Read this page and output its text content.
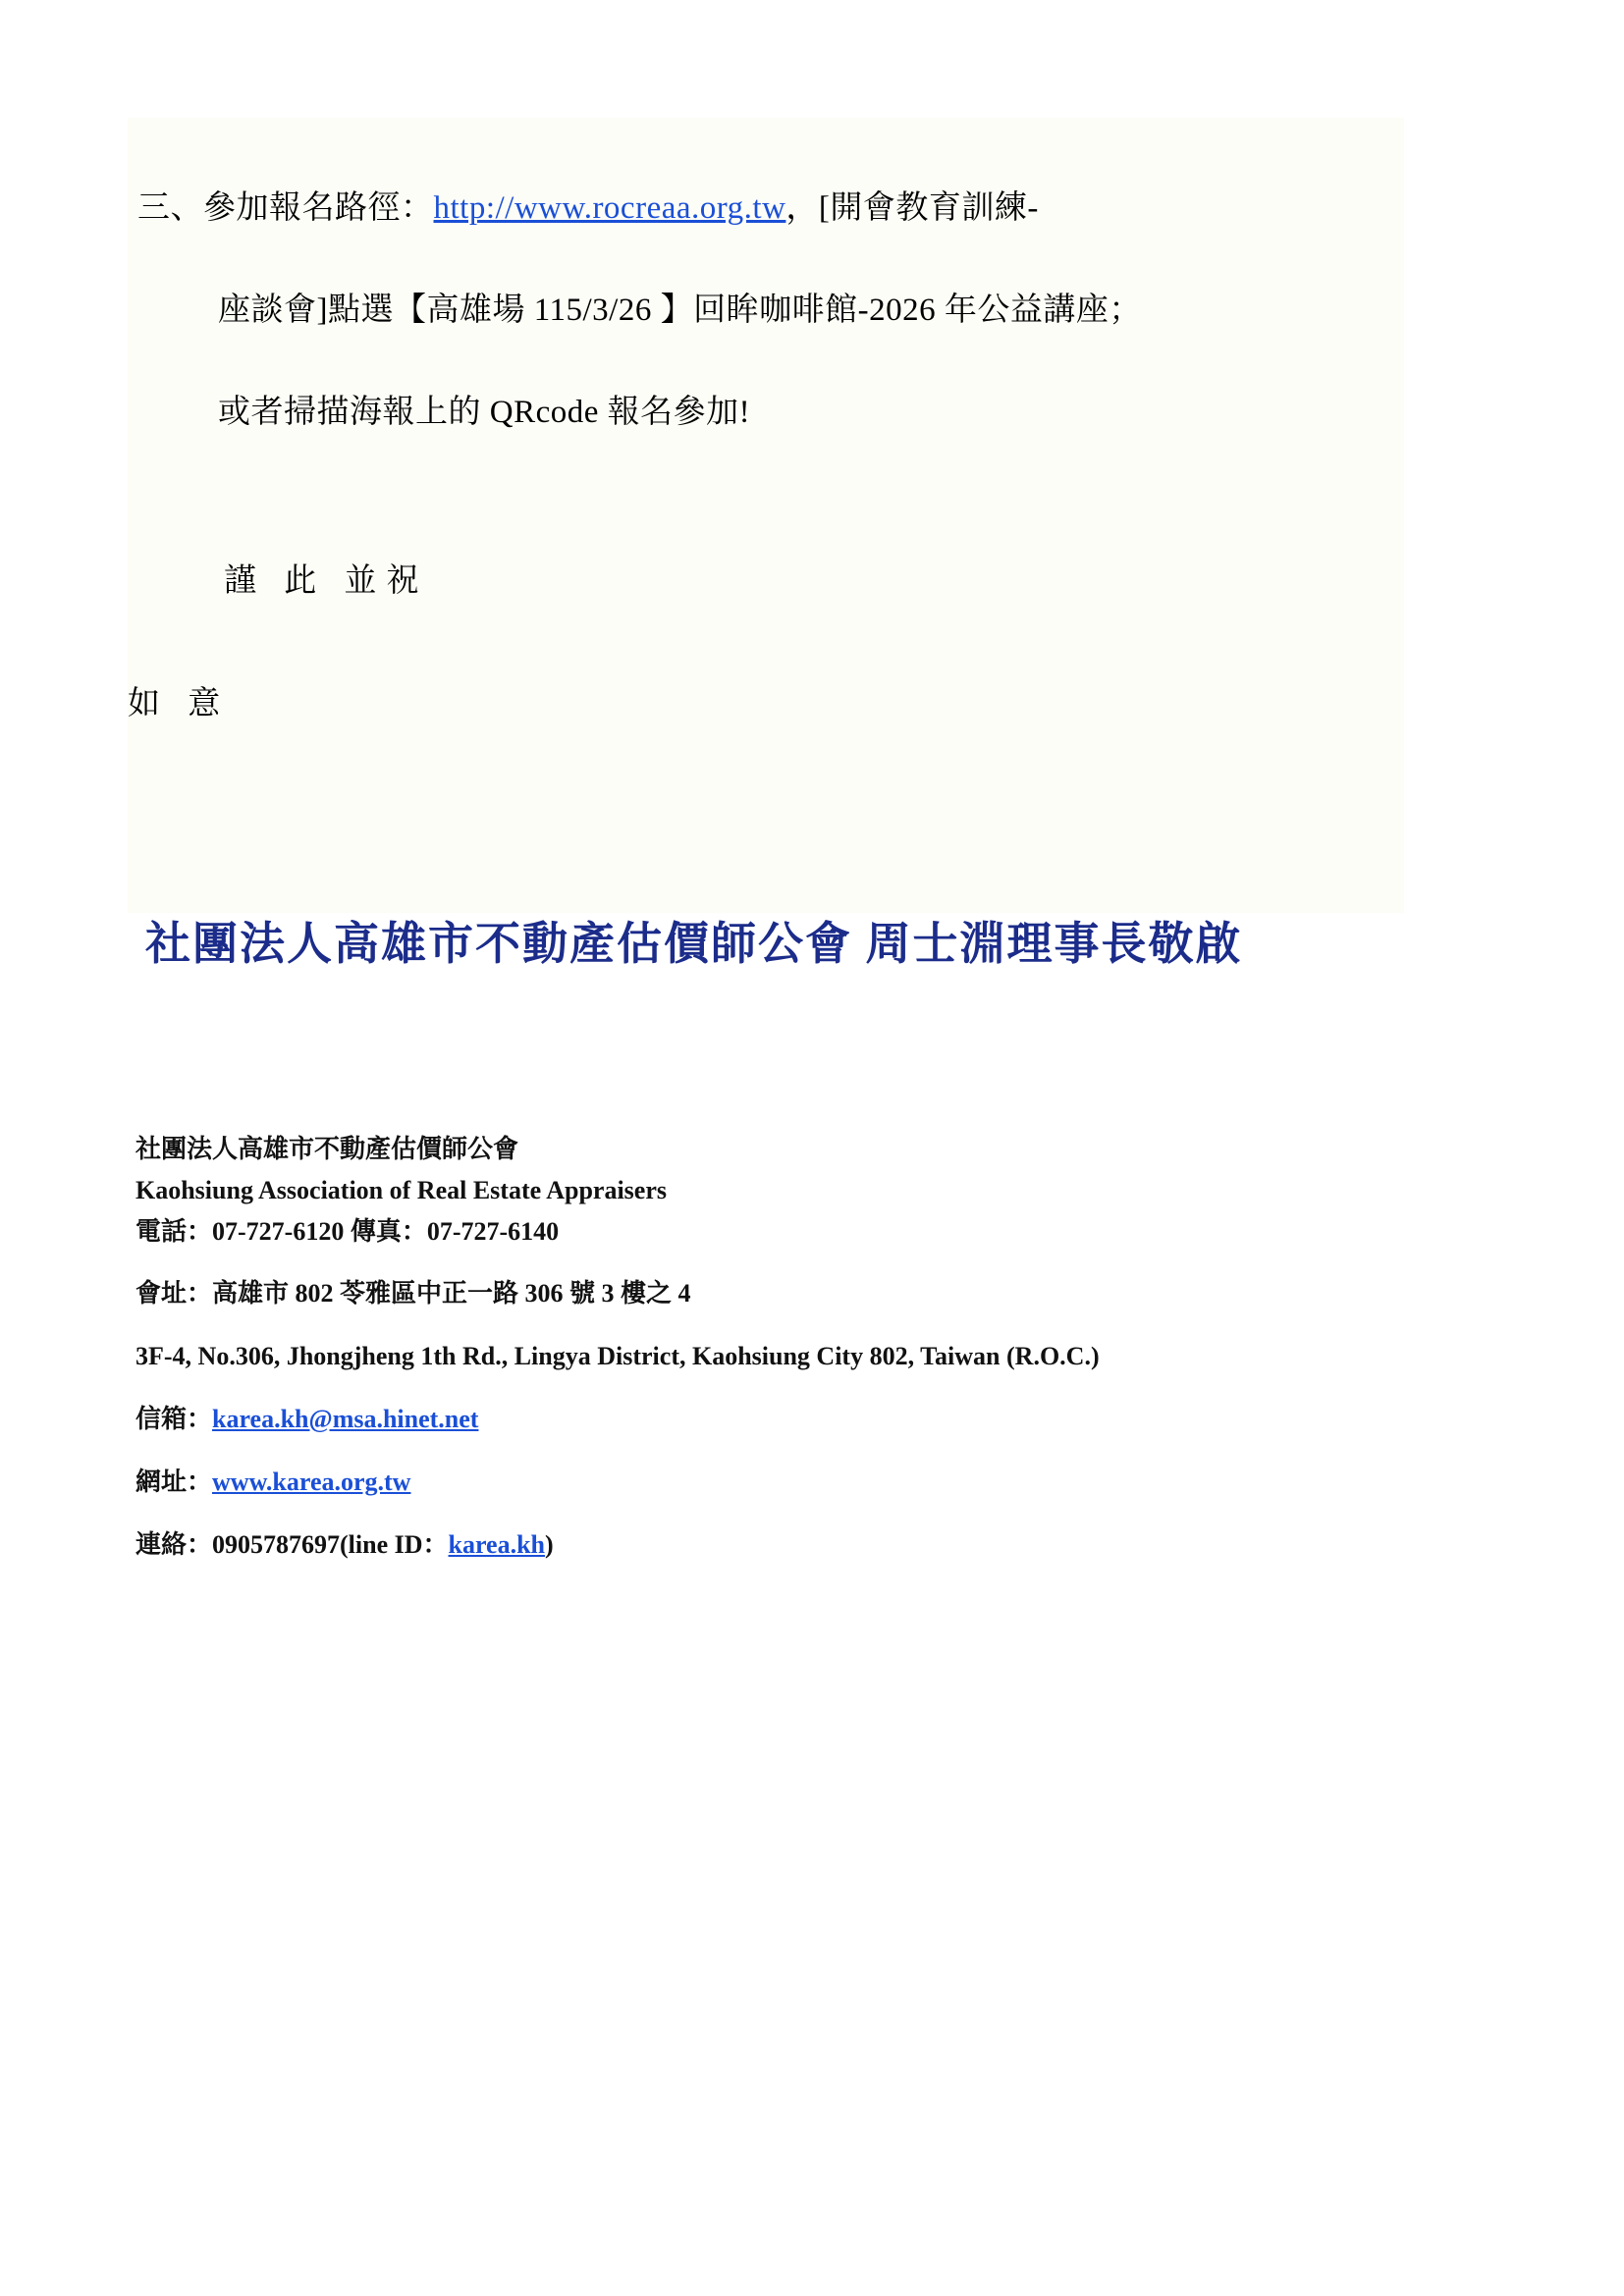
三、參加報名路徑：http://www.rocreaa.org.tw，[開會教育訓練-
座談會]點選【高雄場 115/3/26 】回眸咖啡館-2026 年公益講座；
或者掃描海報上的 QRcode 報名參加!
謹 此 並祝
如 意
社團法人高雄市不動產估價師公會 周士淵理事長敬啟
社團法人高雄市不動產估價師公會
Kaohsiung Association of Real Estate Appraisers
電話：07-727-6120 傳真：07-727-6140
會址：高雄市 802 苓雅區中正一路 306 號 3 樓之 4
3F-4, No.306, Jhongjheng 1th Rd., Lingya District, Kaohsiung City 802, Taiwan (R.O.C.)
信箱：karea.kh@msa.hinet.net
網址：www.karea.org.tw
連絡：0905787697(line ID：karea.kh)
